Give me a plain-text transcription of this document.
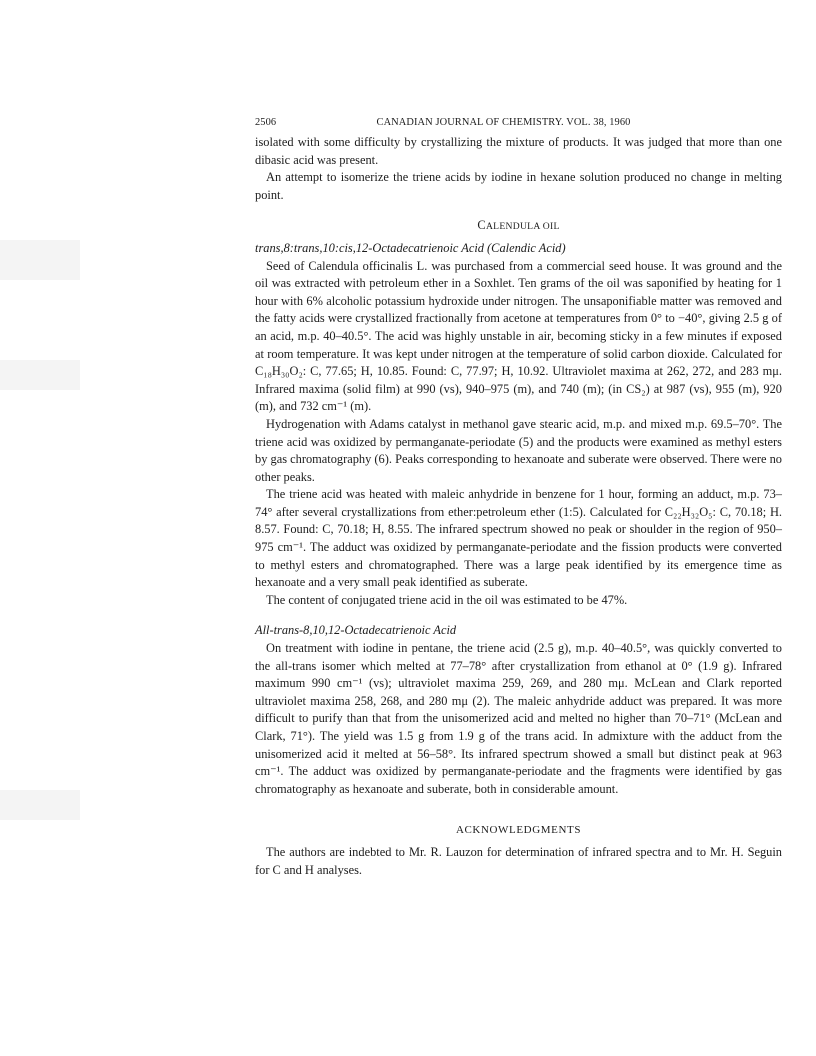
2506	CANADIAN JOURNAL OF CHEMISTRY. VOL. 38, 1960

isolated with some difficulty by crystallizing the mixture of products. It was judged that more than one dibasic acid was present.

An attempt to isomerize the triene acids by iodine in hexane solution produced no change in melting point.

CALENDULA OIL

trans,8:trans,10:cis,12-Octadecatrienoic Acid (Calendic Acid)

Seed of Calendula officinalis L. was purchased from a commercial seed house. It was ground and the oil was extracted with petroleum ether in a Soxhlet. Ten grams of the oil was saponified by heating for 1 hour with 6% alcoholic potassium hydroxide under nitrogen. The unsaponifiable matter was removed and the fatty acids were crystallized fractionally from acetone at temperatures from 0° to −40°, giving 2.5 g of an acid, m.p. 40–40.5°. The acid was highly unstable in air, becoming sticky in a few minutes if exposed at room temperature. It was kept under nitrogen at the temperature of solid carbon dioxide. Calculated for C₁₈H₃₀O₂: C, 77.65; H, 10.85. Found: C, 77.97; H, 10.92. Ultraviolet maxima at 262, 272, and 283 mμ. Infrared maxima (solid film) at 990 (vs), 940–975 (m), and 740 (m); (in CS₂) at 987 (vs), 955 (m), 920 (m), and 732 cm⁻¹ (m).

Hydrogenation with Adams catalyst in methanol gave stearic acid, m.p. and mixed m.p. 69.5–70°. The triene acid was oxidized by permanganate-periodate (5) and the products were examined as methyl esters by gas chromatography (6). Peaks corresponding to hexanoate and suberate were observed. There were no other peaks.

The triene acid was heated with maleic anhydride in benzene for 1 hour, forming an adduct, m.p. 73–74° after several crystallizations from ether:petroleum ether (1:5). Calculated for C₂₂H₃₂O₅: C, 70.18; H. 8.57. Found: C, 70.18; H, 8.55. The infrared spectrum showed no peak or shoulder in the region of 950–975 cm⁻¹. The adduct was oxidized by permanganate-periodate and the fission products were converted to methyl esters and chromatographed. There was a large peak identified by its emergence time as hexanoate and a very small peak identified as suberate.

The content of conjugated triene acid in the oil was estimated to be 47%.

All-trans-8,10,12-Octadecatrienoic Acid

On treatment with iodine in pentane, the triene acid (2.5 g), m.p. 40–40.5°, was quickly converted to the all-trans isomer which melted at 77–78° after crystallization from ethanol at 0° (1.9 g). Infrared maximum 990 cm⁻¹ (vs); ultraviolet maxima 259, 269, and 280 mμ. McLean and Clark reported ultraviolet maxima 258, 268, and 280 mμ (2). The maleic anhydride adduct was prepared. It was more difficult to purify than that from the unisomerized acid and melted no higher than 70–71° (McLean and Clark, 71°). The yield was 1.5 g from 1.9 g of the trans acid. In admixture with the adduct from the unisomerized acid it melted at 56–58°. Its infrared spectrum showed a small but distinct peak at 963 cm⁻¹. The adduct was oxidized by permanganate-periodate and the fragments were identified by gas chromatography as hexanoate and suberate, both in considerable amount.

ACKNOWLEDGMENTS

The authors are indebted to Mr. R. Lauzon for determination of infrared spectra and to Mr. H. Seguin for C and H analyses.
